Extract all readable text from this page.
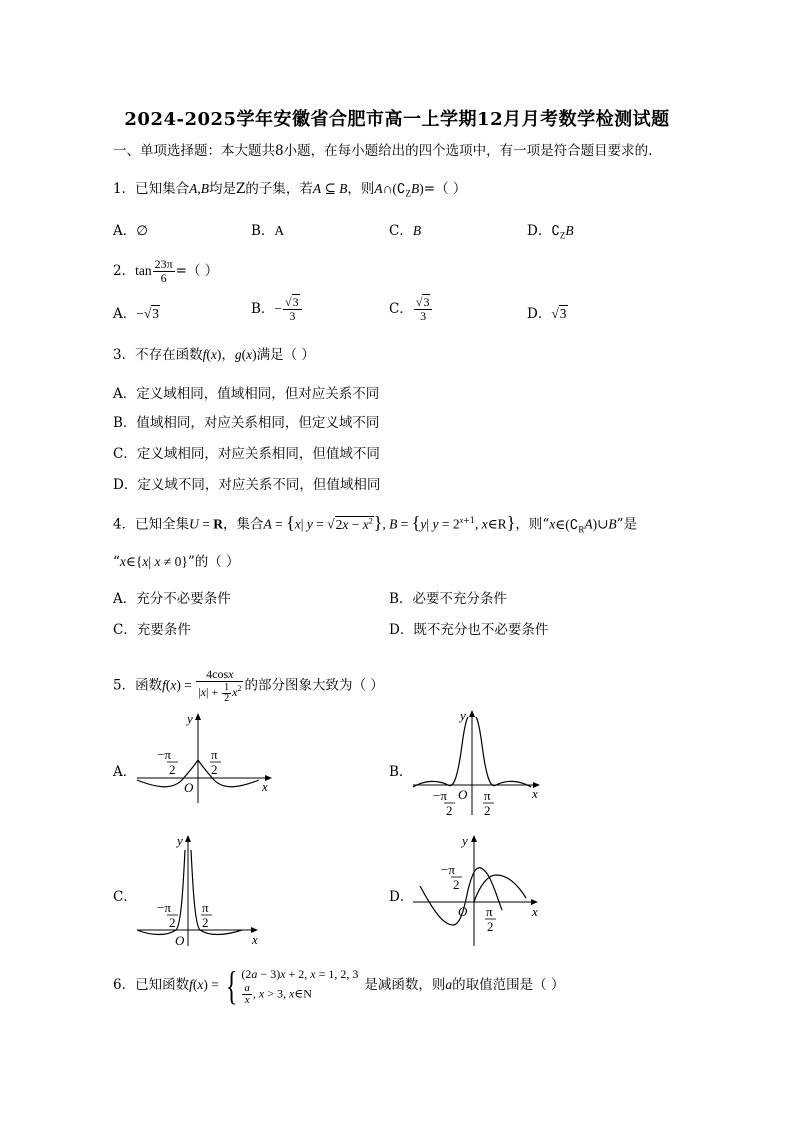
2024-2025学年安徽省合肥市高一上学期12月月考数学检测试题
一、单项选择题：本大题共8小题，在每小题给出的四个选项中，有一项是符合题目要求的.
1．已知集合A,B均是Z的子集，若A ⊆ B，则$A\cap(∁_ZB)=$（ ）
A．∅	B．A	C．B	D．$∁_ZB$
2．$\tan \frac{23\pi}{6}$ =（ ）
A．−√3	B．− $\frac{√3}{3}$	C． $\frac{√3}{3}$	D．√3
3．不存在函数f(x)，g(x)满足（ ）
A．定义域相同，值域相同，但对应关系不同
B．值域相同，对应关系相同，但定义域不同
C．定义域相同，对应关系相同，但值域不同
D．定义域不同，对应关系不同，但值域相同
4．已知全集U = R，集合A = {x| $y = √2x - x^2$}, B = {y| $y = 2^{x+1}$, x∈R}，则“$x\in(∁_RA)\cup B$”是
“x∈{x| x ≠ 0}”的（ ）
A．充分不必要条件	B．必要不充分条件
C．充要条件	D．既不充分也不必要条件
5．函数$f(x) = \frac{4\cos x}{|x| + \frac{1}{2} x^2}$ 的部分图象大致为（ ）
A．
x
y
O
−π
2
π
2	B．
x
y
O
−π
2
π
2
C．
x
y
O
−π
2
π
2
D．
x
y
O
−π
2
π
2
6．已知函数f(x) = { (2a − 3)x + 2, x = 1, 2, 3
$\frac{a}{x}$ , x > 3, x∈N
是减函数，则a的取值范围是（ ）
